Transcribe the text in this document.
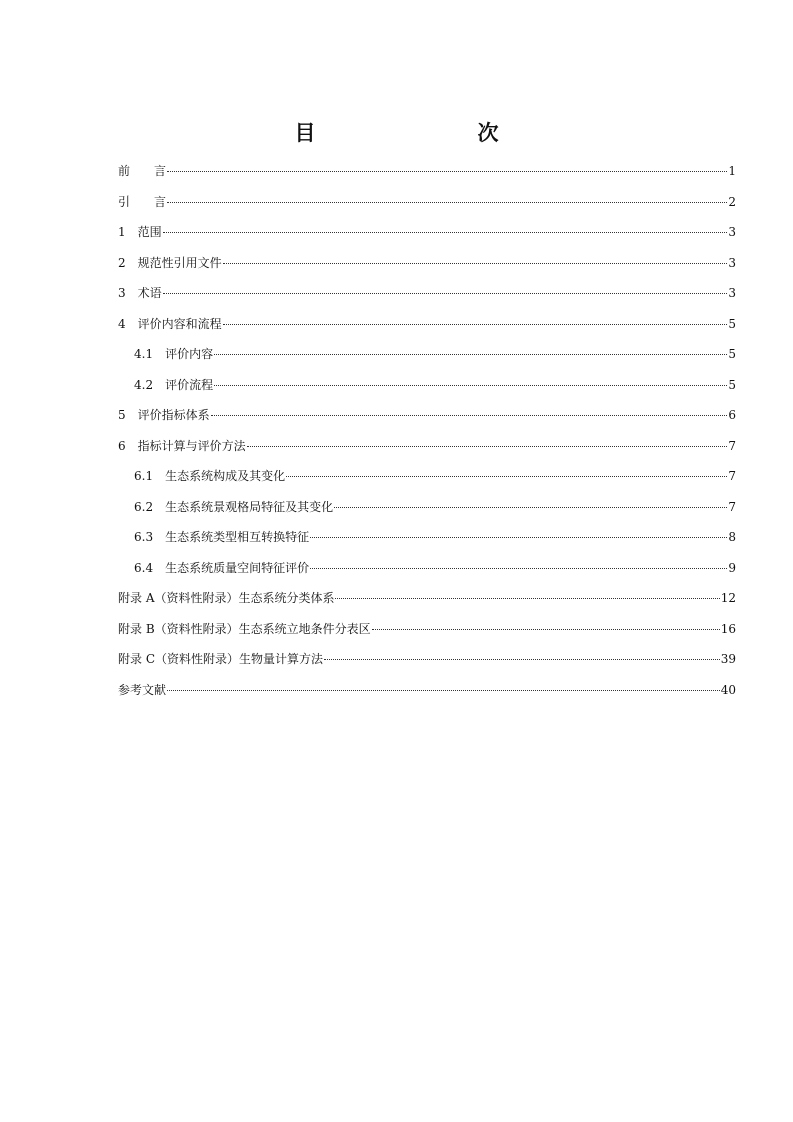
目　　次
前　　言	1
引　　言	2
1 范围	3
2 规范性引用文件	3
3 术语	3
4 评价内容和流程	5
4.1 评价内容	5
4.2 评价流程	5
5 评价指标体系	6
6 指标计算与评价方法	7
6.1 生态系统构成及其变化	7
6.2 生态系统景观格局特征及其变化	7
6.3 生态系统类型相互转换特征	8
6.4 生态系统质量空间特征评价	9
附录 A（资料性附录）生态系统分类体系	12
附录 B（资料性附录）生态系统立地条件分表区	16
附录 C（资料性附录）生物量计算方法	39
参考文献	40
